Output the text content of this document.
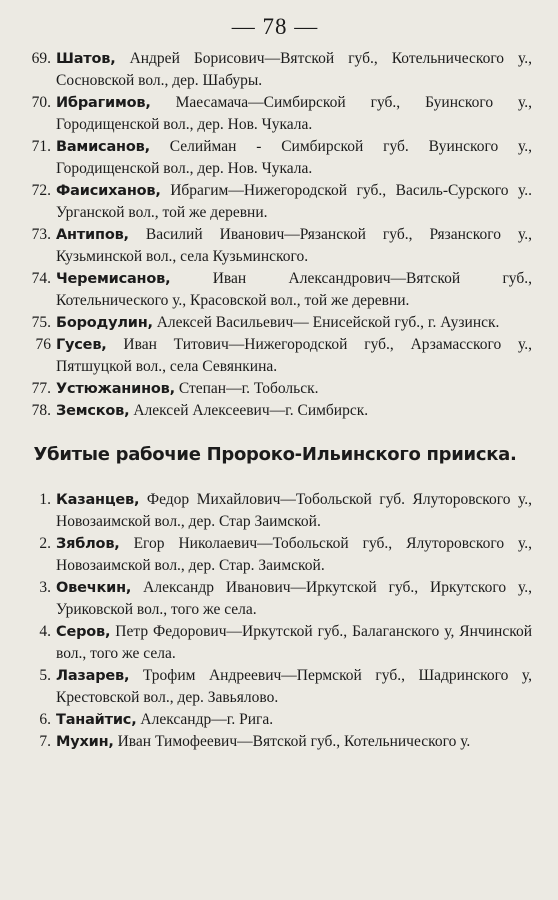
— 78 —
69. Шатов, Андрей Борисович—Вятской губ., Котельнического у., Сосновской вол., дер. Шабуры.
70. Ибрагимов, Маесамача—Симбирской губ., Буинского у., Городищенской вол., дер. Нов. Чукала.
71. Вамисанов, Селийман - Симбирской губ. Вуинского у., Городищенской вол., дер. Нов. Чукала.
72. Фаисиханов, Ибрагим—Нижегородской губ., Василь-Сурского у.. Урганской вол., той же деревни.
73. Антипов, Василий Иванович—Рязанской губ., Рязанского у., Кузьминской вол., села Кузьминского.
74. Черемисанов, Иван Александрович—Вятской губ., Котельнического у., Красовской вол., той же деревни.
75. Бородулин, Алексей Васильевич— Енисейской губ., г. Аузинск.
76 Гусев, Иван Титович—Нижегородской губ., Арзамасского у., Пятшуцкой вол., села Севянкина.
77. Устюжанинов, Степан—г. Тобольск.
78. Земсков, Алексей Алексеевич—г. Симбирск.
Убитые рабочие Пророко-Ильинского прииска.
1. Казанцев, Федор Михайлович—Тобольской губ. Ялуторовского у., Новозаимской вол., дер. Стар Заимской.
2. Зяблов, Егор Николаевич—Тобольской губ., Ялуторовского у., Новозаимской вол., дер. Стар. Заимской.
3. Овечкин, Александр Иванович—Иркутской губ., Иркутского у., Уриковской вол., того же села.
4. Серов, Петр Федорович—Иркутской губ., Балаганского у, Янчинской вол., того же села.
5. Лазарев, Трофим Андреевич—Пермской губ., Шадринского у, Крестовской вол., дер. Завьялово.
6. Танайтис, Александр—г. Рига.
7. Мухин, Иван Тимофеевич—Вятской губ., Котельнического у.
